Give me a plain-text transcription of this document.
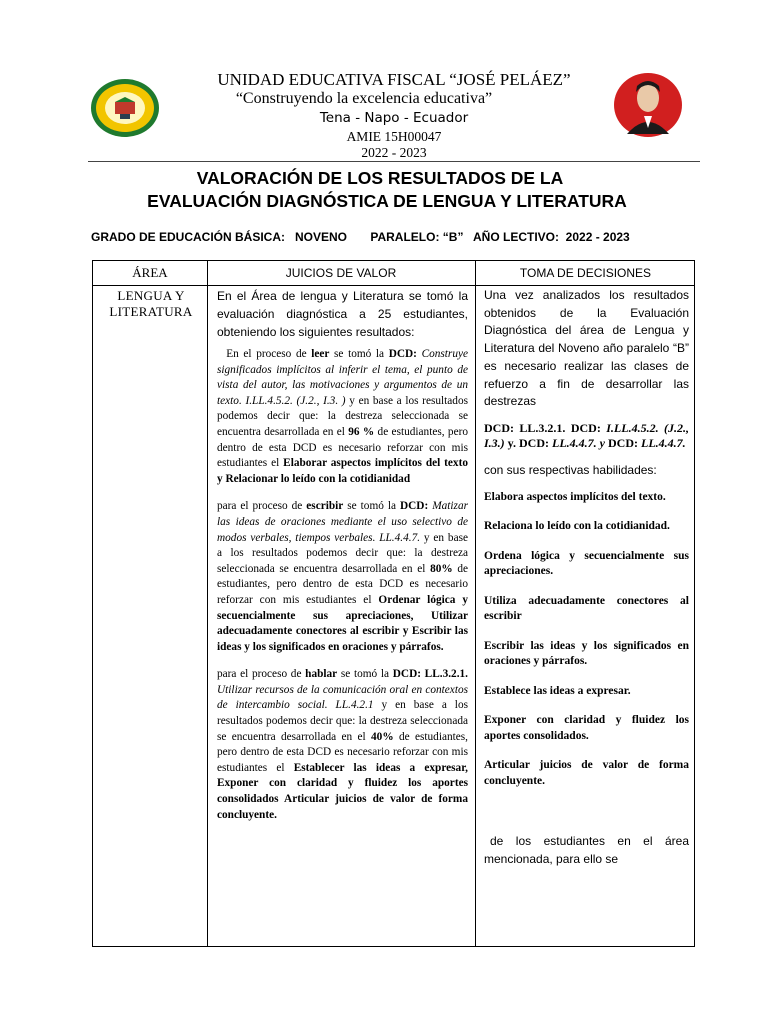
UNIDAD EDUCATIVA FISCAL “JOSÉ PELÁEZ”
“Construyendo la excelencia educativa”
Tena - Napo - Ecuador
AMIE 15H00047
2022 - 2023
VALORACIÓN DE LOS RESULTADOS DE LA
EVALUACIÓN DIAGNÓSTICA DE LENGUA Y LITERATURA
GRADO DE EDUCACIÓN BÁSICA:   NOVENO       PARALELO: “B”   AÑO LECTIVO:  2022 - 2023
ÁREA	JUICIOS DE VALOR	TOMA DE DECISIONES
LENGUA Y LITERATURA
En el Área de lengua y Literatura se tomó la evaluación diagnóstica a 25 estudiantes, obteniendo los siguientes resultados:

En el proceso de leer se tomó la DCD: Construye significados implícitos al inferir el tema, el punto de vista del autor, las motivaciones y argumentos de un texto. I.LL.4.5.2. (J.2., I.3. ) y en base a los resultados podemos decir que: la destreza seleccionada se encuentra desarrollada en el 96 % de estudiantes, pero dentro de esta DCD es necesario reforzar con mis estudiantes el Elaborar aspectos implícitos del texto y Relacionar lo leído con la cotidianidad

para el proceso de escribir se tomó la DCD: Matizar las ideas de oraciones mediante el uso selectivo de modos verbales, tiempos verbales. LL.4.4.7. y en base a los resultados podemos decir que: la destreza seleccionada se encuentra desarrollada en el 80% de estudiantes, pero dentro de esta DCD es necesario reforzar con mis estudiantes el Ordenar lógica y secuencialmente sus apreciaciones, Utilizar adecuadamente conectores al escribir y Escribir las ideas y los significados en oraciones y párrafos.

para el proceso de hablar se tomó la DCD: LL.3.2.1. Utilizar recursos de la comunicación oral en contextos de intercambio social. LL.4.2.1 y en base a los resultados podemos decir que: la destreza seleccionada se encuentra desarrollada en el 40% de estudiantes, pero dentro de esta DCD es necesario reforzar con mis estudiantes el Establecer las ideas a expresar, Exponer con claridad y fluidez los aportes consolidados Articular juicios de valor de forma concluyente.

Una vez analizados los resultados obtenidos de la Evaluación Diagnóstica del área de Lengua y Literatura del Noveno año paralelo “B” es necesario realizar las clases de refuerzo a fin de desarrollar las destrezas

DCD: LL.3.2.1. DCD: I.LL.4.5.2. (J.2., I.3.) y. DCD: LL.4.4.7. y DCD: LL.4.4.7.

con sus respectivas habilidades:

Elabora aspectos implícitos del texto.

Relaciona lo leído con la cotidianidad.

Ordena lógica y secuencialmente sus apreciaciones.

Utiliza adecuadamente conectores al escribir

Escribir las ideas y los significados en oraciones y párrafos.

Establece las ideas a expresar.

Exponer con claridad y fluidez los aportes consolidados.

Articular juicios de valor de forma concluyente.

de los estudiantes en el área mencionada, para ello se
